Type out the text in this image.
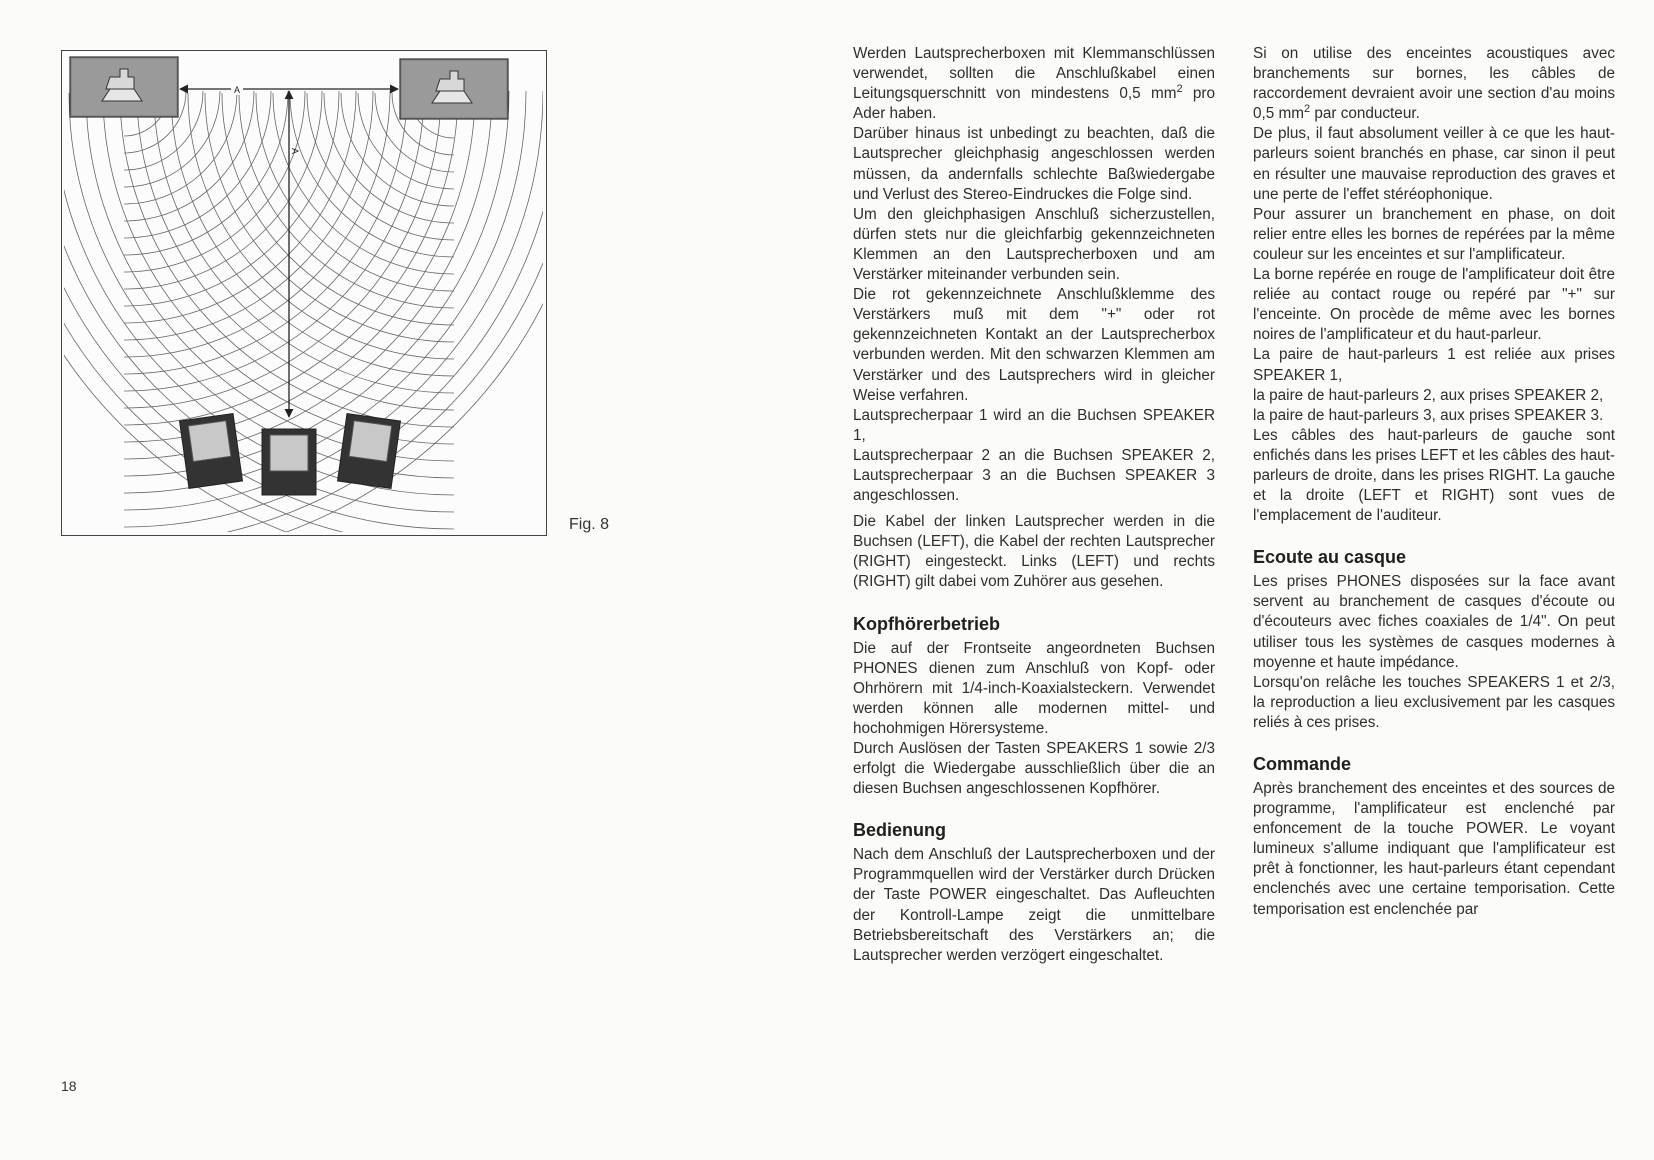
A
A
Fig. 8
18

Werden Lautsprecherboxen mit Klemmanschlüssen verwendet, sollten die Anschlußkabel einen Leitungsquerschnitt von mindestens 0,5 $mm^2$ pro Ader haben.

Darüber hinaus ist unbedingt zu beachten, daß die Lautsprecher gleichphasig angeschlossen werden müssen, da andernfalls schlechte Baßwiedergabe und Verlust des Stereo-Eindruckes die Folge sind.

Um den gleichphasigen Anschluß sicherzustellen, dürfen stets nur die gleichfarbig gekennzeichneten Klemmen an den Lautsprecherboxen und am Verstärker miteinander verbunden sein.

Die rot gekennzeichnete Anschlußklemme des Verstärkers muß mit dem "+" oder rot gekennzeichneten Kontakt an der Lautsprecherbox verbunden werden. Mit den schwarzen Klemmen am Verstärker und des Lautsprechers wird in gleicher Weise verfahren.

Lautsprecherpaar 1 wird an die Buchsen SPEAKER 1,

Lautsprecherpaar 2 an die Buchsen SPEAKER 2, Lautsprecherpaar 3 an die Buchsen SPEAKER 3 angeschlossen.

Die Kabel der linken Lautsprecher werden in die Buchsen (LEFT), die Kabel der rechten Lautsprecher (RIGHT) eingesteckt. Links (LEFT) und rechts (RIGHT) gilt dabei vom Zuhörer aus gesehen.

Kopfhörerbetrieb

Die auf der Frontseite angeordneten Buchsen PHONES dienen zum Anschluß von Kopf- oder Ohrhörern mit 1/4-inch-Koaxialsteckern. Verwendet werden können alle modernen mittel- und hochohmigen Hörersysteme.

Durch Auslösen der Tasten SPEAKERS 1 sowie 2/3 erfolgt die Wiedergabe ausschließlich über die an diesen Buchsen angeschlossenen Kopfhörer.

Bedienung

Nach dem Anschluß der Lautsprecherboxen und der Programmquellen wird der Verstärker durch Drücken der Taste POWER eingeschaltet. Das Aufleuchten der Kontroll-Lampe zeigt die unmittelbare Betriebsbereitschaft des Verstärkers an; die Lautsprecher werden verzögert eingeschaltet.

Si on utilise des enceintes acoustiques avec branchements sur bornes, les câbles de raccordement devraient avoir une section d'au moins 0,5 $mm^2$ par conducteur.

De plus, il faut absolument veiller à ce que les haut-parleurs soient branchés en phase, car sinon il peut en résulter une mauvaise reproduction des graves et une perte de l'effet stéréophonique.

Pour assurer un branchement en phase, on doit relier entre elles les bornes de repérées par la même couleur sur les enceintes et sur l'amplificateur.

La borne repérée en rouge de l'amplificateur doit être reliée au contact rouge ou repéré par "+" sur l'enceinte. On procède de même avec les bornes noires de l'amplificateur et du haut-parleur.

La paire de haut-parleurs 1 est reliée aux prises SPEAKER 1,

la paire de haut-parleurs 2, aux prises SPEAKER 2,

la paire de haut-parleurs 3, aux prises SPEAKER 3.

Les câbles des haut-parleurs de gauche sont enfichés dans les prises LEFT et les câbles des haut-parleurs de droite, dans les prises RIGHT. La gauche et la droite (LEFT et RIGHT) sont vues de l'emplacement de l'auditeur.

Ecoute au casque

Les prises PHONES disposées sur la face avant servent au branchement de casques d'écoute ou d'écouteurs avec fiches coaxiales de 1/4". On peut utiliser tous les systèmes de casques modernes à moyenne et haute impédance.

Lorsqu'on relâche les touches SPEAKERS 1 et 2/3, la reproduction a lieu exclusivement par les casques reliés à ces prises.

Commande

Après branchement des enceintes et des sources de programme, l'amplificateur est enclenché par enfoncement de la touche POWER. Le voyant lumineux s'allume indiquant que l'amplificateur est prêt à fonctionner, les haut-parleurs étant cependant enclenchés avec une certaine temporisation. Cette temporisation est enclenchée par
